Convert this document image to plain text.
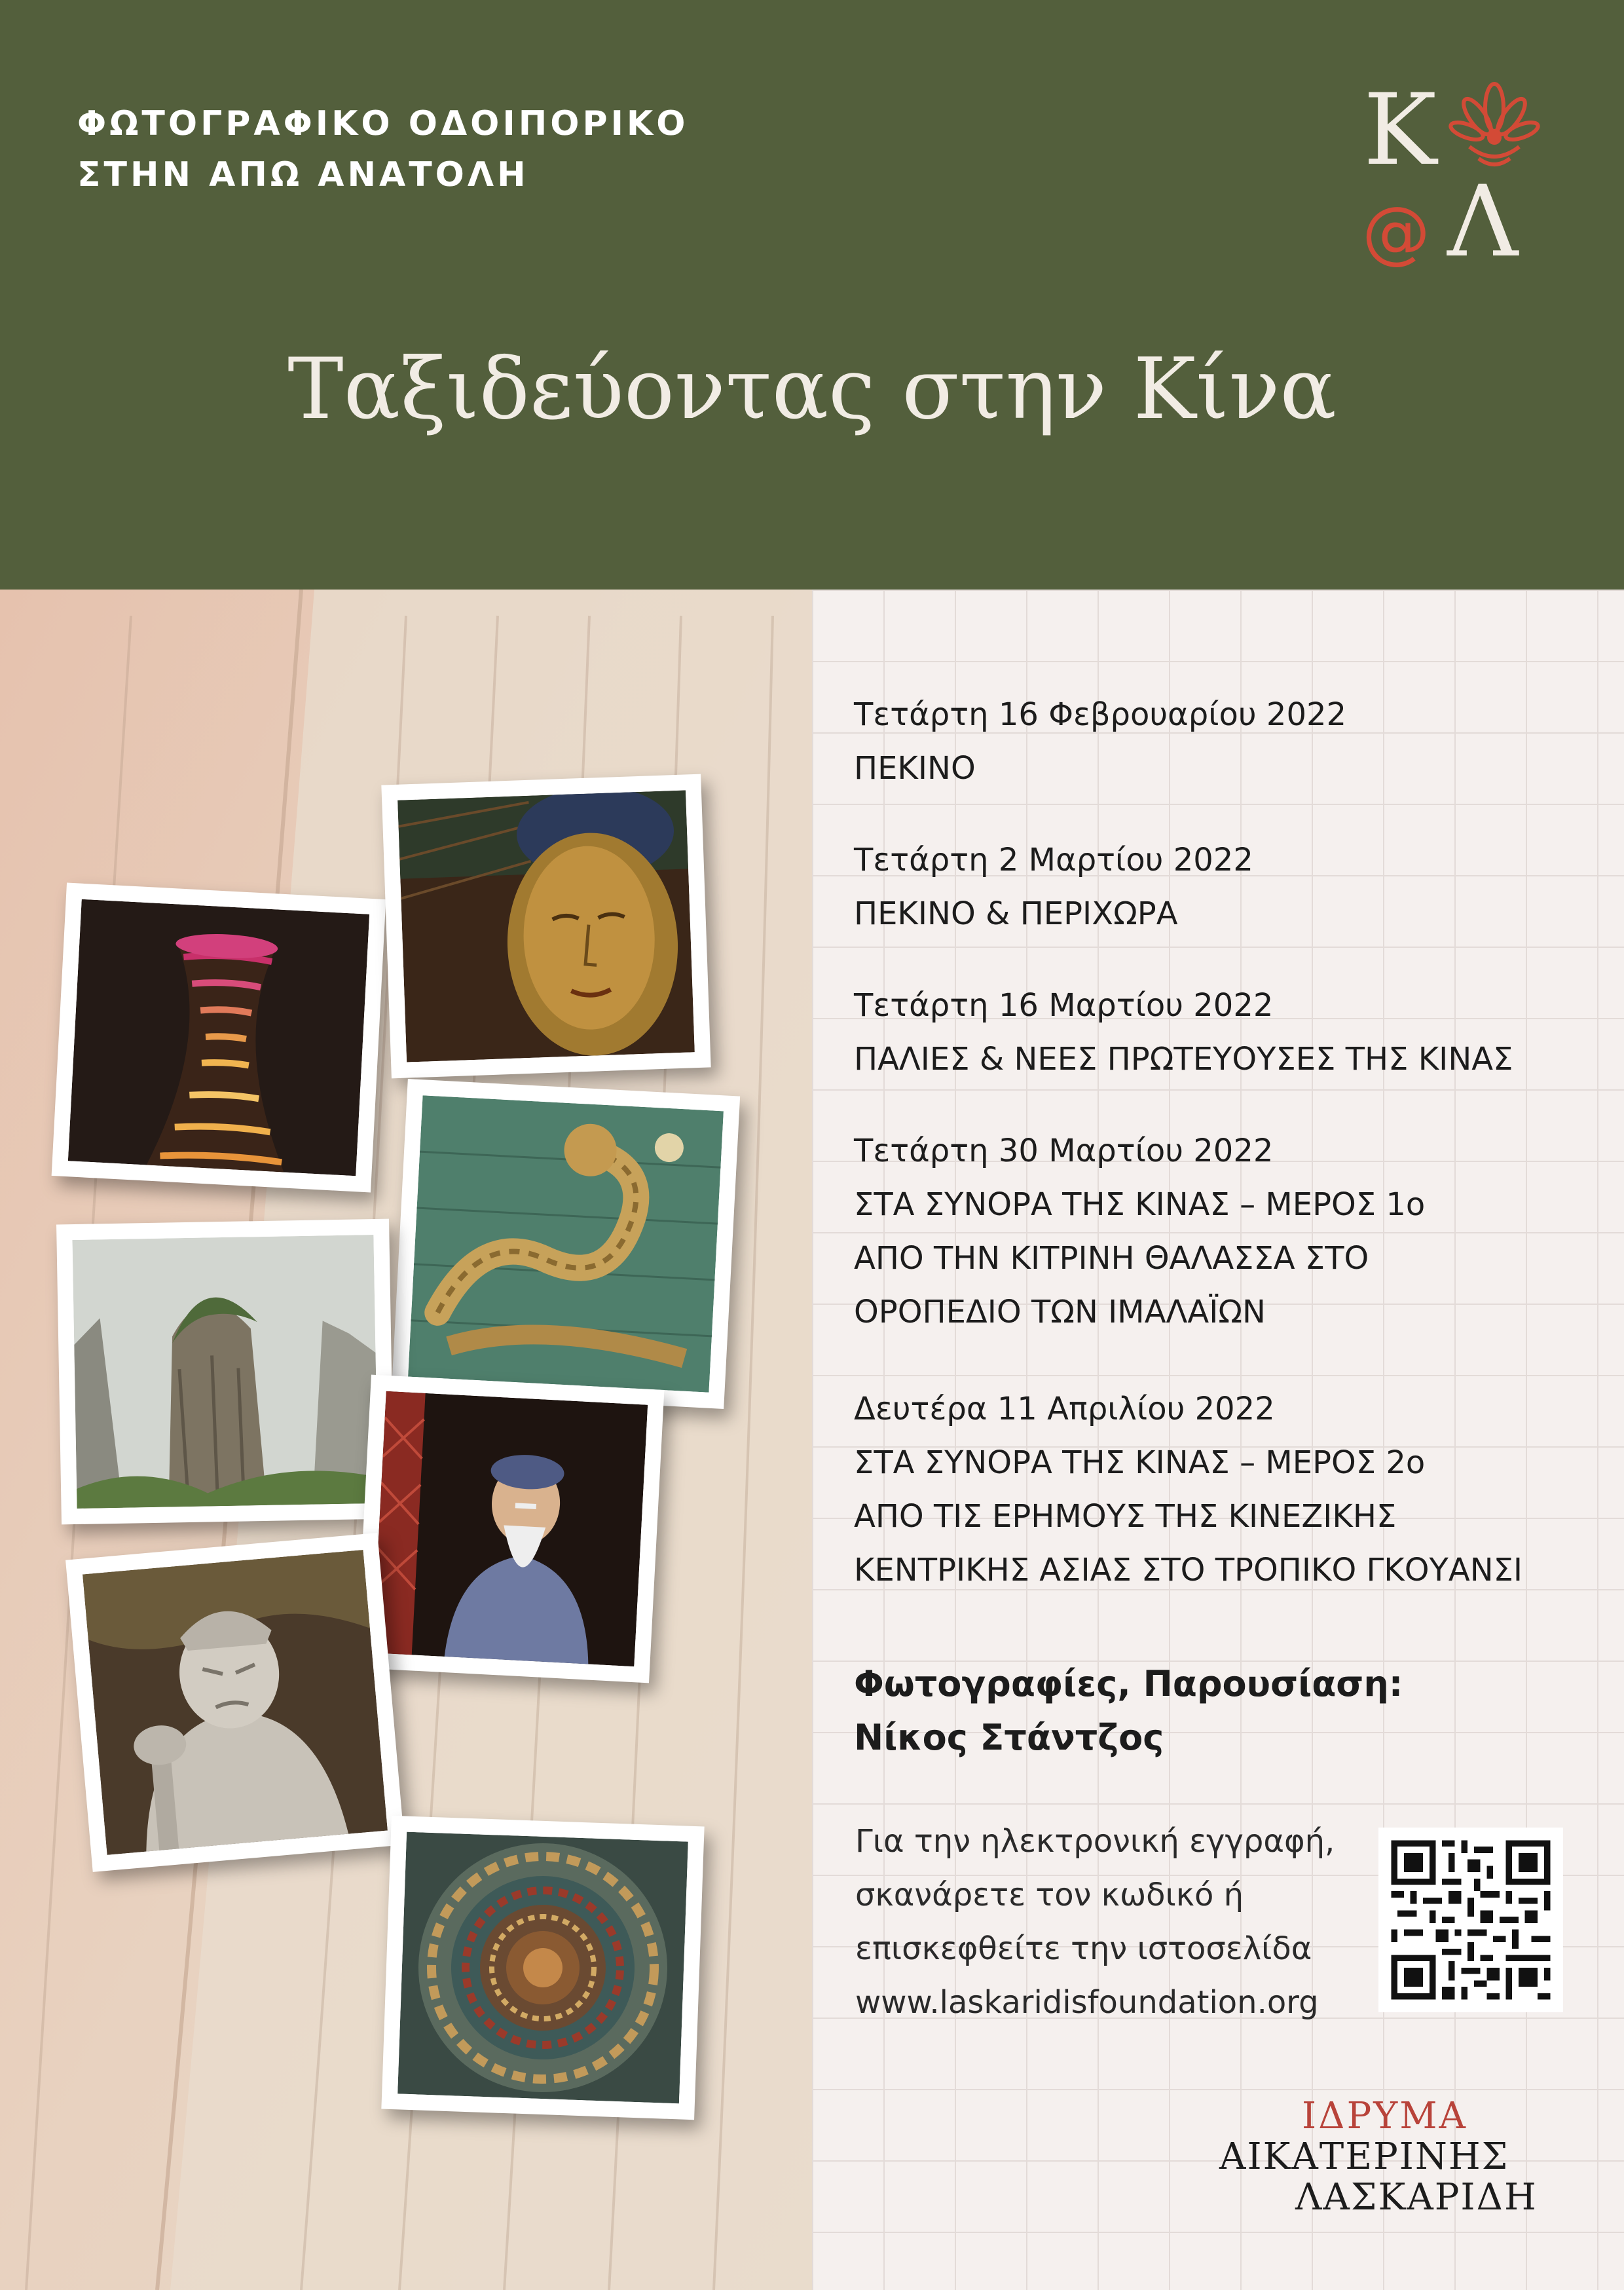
ΦΩΤΟΓΡΑΦΙΚΟ ΟΔΟΙΠΟΡΙΚΟ
ΣΤΗΝ ΑΠΩ ΑΝΑΤΟΛΗ	Κ
@ Λ
Ταξιδεύοντας στην Κίνα
Τετάρτη 16 Φεβρουαρίου 2022
ΠΕΚΙΝΟ
Τετάρτη 2 Μαρτίου 2022
ΠΕΚΙΝΟ & ΠΕΡΙΧΩΡΑ
Τετάρτη 16 Μαρτίου 2022
ΠΑΛΙΕΣ & ΝΕΕΣ ΠΡΩΤΕΥΟΥΣΕΣ ΤΗΣ ΚΙΝΑΣ
Τετάρτη 30 Μαρτίου 2022
ΣΤΑ ΣΥΝΟΡΑ ΤΗΣ ΚΙΝΑΣ – ΜΕΡΟΣ 1ο
ΑΠΟ ΤΗΝ ΚΙΤΡΙΝΗ ΘΑΛΑΣΣΑ ΣΤΟ
ΟΡΟΠΕΔΙΟ ΤΩΝ ΙΜΑΛΑΪΩΝ
Δευτέρα 11 Απριλίου 2022
ΣΤΑ ΣΥΝΟΡΑ ΤΗΣ ΚΙΝΑΣ – ΜΕΡΟΣ 2ο
ΑΠΟ ΤΙΣ ΕΡΗΜΟΥΣ ΤΗΣ ΚΙΝΕΖΙΚΗΣ
ΚΕΝΤΡΙΚΗΣ ΑΣΙΑΣ ΣΤΟ ΤΡΟΠΙΚΟ ΓΚΟΥΑΝΣΙ
Φωτογραφίες, Παρουσίαση:
Νίκος Στάντζος
Για την ηλεκτρονική εγγραφή,
σκανάρετε τον κωδικό ή
επισκεφθείτε την ιστοσελίδα
www.laskaridisfoundation.org
ΙΔΡΥΜΑ
ΑΙΚΑΤΕΡΙΝΗΣ
ΛΑΣΚΑΡΙΔΗ
